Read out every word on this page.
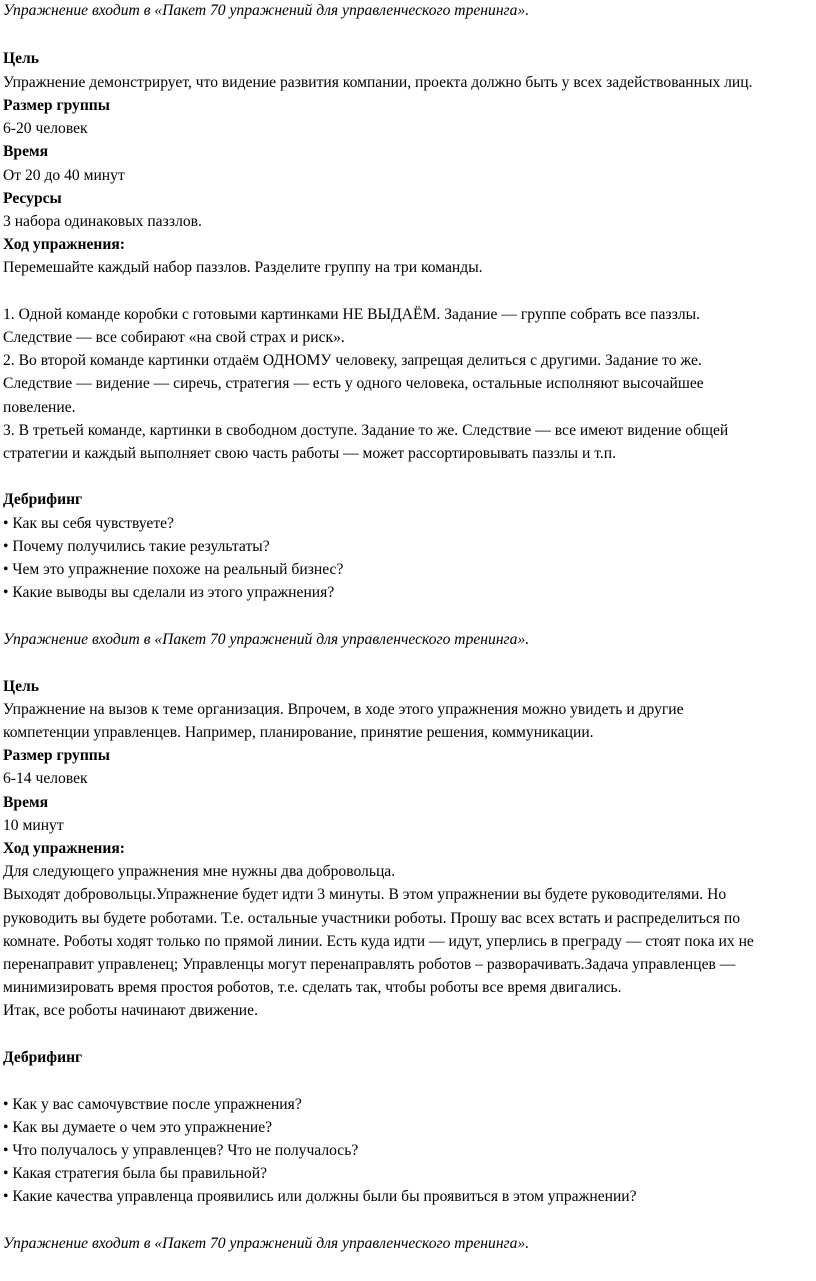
Упражнение входит в «Пакет 70 упражнений для управленческого тренинга».
Цель
Упражнение демонстрирует, что видение развития компании, проекта должно быть у всех задействованных лиц.
Размер группы
6-20 человек
Время
От 20 до 40 минут
Ресурсы
3 набора одинаковых паззлов.
Ход упражнения:
Перемешайте каждый набор паззлов. Разделите группу на три команды.
1. Одной команде коробки с готовыми картинками НЕ ВЫДАЁМ. Задание — группе собрать все паззлы.
Следствие — все собирают «на свой страх и риск».
2. Во второй команде картинки отдаём ОДНОМУ человеку, запрещая делиться с другими. Задание то же.
Следствие — видение — сиречь, стратегия — есть у одного человека, остальные исполняют высочайшее
повеление.
3. В третьей команде, картинки в свободном доступе. Задание то же. Следствие — все имеют видение общей
стратегии и каждый выполняет свою часть работы — может рассортировывать паззлы и т.п.
Дебрифинг
• Как вы себя чувствуете?
• Почему получились такие результаты?
• Чем это упражнение похоже на реальный бизнес?
• Какие выводы вы сделали из этого упражнения?
Упражнение входит в «Пакет 70 упражнений для управленческого тренинга».
Цель
Упражнение на вызов к теме организация. Впрочем, в ходе этого упражнения можно увидеть и другие
компетенции управленцев. Например, планирование, принятие решения, коммуникации.
Размер группы
6-14 человек
Время
10 минут
Ход упражнения:
Для следующего упражнения мне нужны два добровольца.
Выходят добровольцы.Упражнение будет идти 3 минуты. В этом упражнении вы будете руководителями. Но
руководить вы будете роботами. Т.е. остальные участники роботы. Прошу вас всех встать и распределиться по
комнате. Роботы ходят только по прямой линии. Есть куда идти — идут, уперлись в преграду — стоят пока их не
перенаправит управленец; Управленцы могут перенаправлять роботов – разворачивать.Задача управленцев —
минимизировать время простоя роботов, т.е. сделать так, чтобы роботы все время двигались.
Итак, все роботы начинают движение.
Дебрифинг
• Как у вас самочувствие после упражнения?
• Как вы думаете о чем это упражнение?
• Что получалось у управленцев? Что не получалось?
• Какая стратегия была бы правильной?
• Какие качества управленца проявились или должны были бы проявиться в этом упражнении?
Упражнение входит в «Пакет 70 упражнений для управленческого тренинга».
